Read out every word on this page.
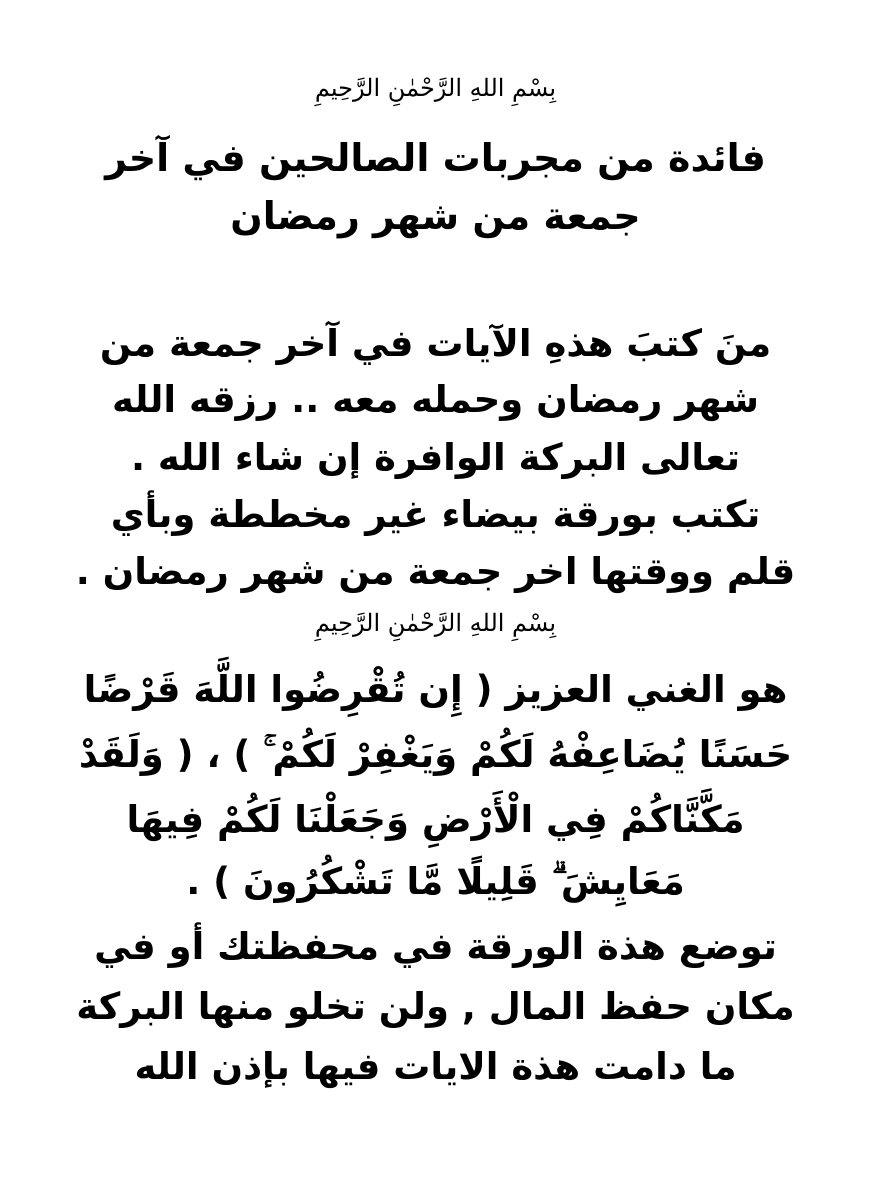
بِسْمِ اللهِ الرَّحْمٰنِ الرَّحِيمِ
فائدة من مجربات الصالحين في آخر
جمعة من شهر رمضان
منَ كتبَ هذهِ الآيات في آخر جمعة من
شهر رمضان وحمله معه .. رزقه الله
تعالى البركة الوافرة إن شاء الله .
تكتب بورقة بيضاء غير مخططة وبأي
قلم ووقتها اخر جمعة من شهر رمضان .
بِسْمِ اللهِ الرَّحْمٰنِ الرَّحِيمِ
هو الغني العزيز ( إِن تُقْرِضُوا اللَّهَ قَرْضًا
حَسَنًا يُضَاعِفْهُ لَكُمْ وَيَغْفِرْ لَكُمْ ۚ ) ، ( وَلَقَدْ
مَكَّنَّاكُمْ فِي الْأَرْضِ وَجَعَلْنَا لَكُمْ فِيهَا
مَعَايِشَ ۗ قَلِيلًا مَّا تَشْكُرُونَ ) .
توضع هذة الورقة في محفظتك أو في
مكان حفظ المال , ولن تخلو منها البركة
ما دامت هذة الايات فيها بإذن الله
